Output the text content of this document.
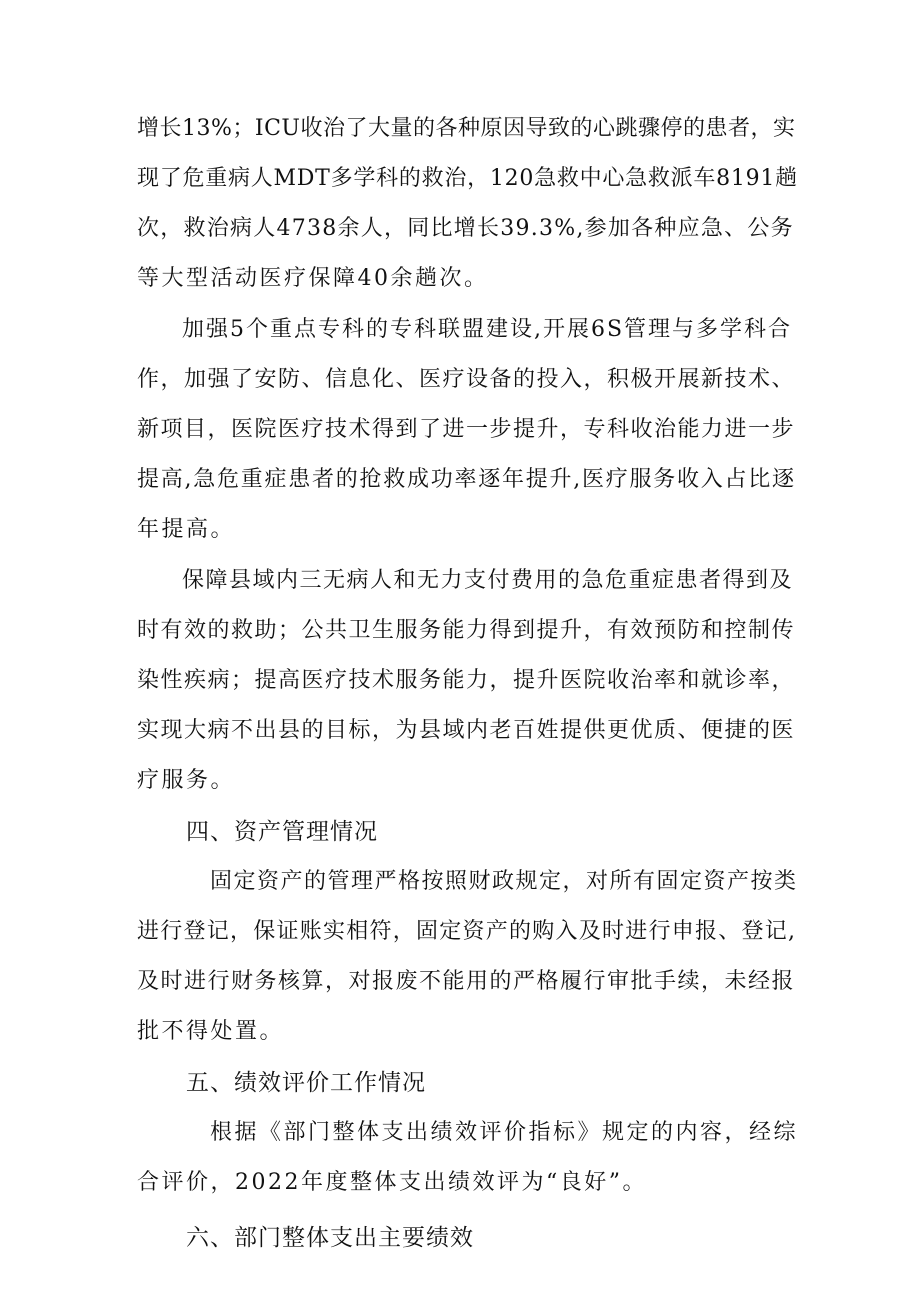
增长13%；ICU收治了大量的各种原因导致的心跳骤停的患者，实
现了危重病人MDT多学科的救治，120急救中心急救派车8191趟
次，救治病人4738余人，同比增长39.3%,参加各种应急、公务
等大型活动医疗保障40余趟次。
加强5个重点专科的专科联盟建设,开展6S管理与多学科合
作，加强了安防、信息化、医疗设备的投入，积极开展新技术、
新项目，医院医疗技术得到了进一步提升，专科收治能力进一步
提高,急危重症患者的抢救成功率逐年提升,医疗服务收入占比逐
年提高。
保障县域内三无病人和无力支付费用的急危重症患者得到及
时有效的救助；公共卫生服务能力得到提升，有效预防和控制传
染性疾病；提高医疗技术服务能力，提升医院收治率和就诊率，
实现大病不出县的目标，为县域内老百姓提供更优质、便捷的医
疗服务。
四、资产管理情况
固定资产的管理严格按照财政规定，对所有固定资产按类
进行登记，保证账实相符，固定资产的购入及时进行申报、登记,
及时进行财务核算，对报废不能用的严格履行审批手续，未经报
批不得处置。
五、绩效评价工作情况
根据《部门整体支出绩效评价指标》规定的内容，经综
合评价，2022年度整体支出绩效评为“良好”。
六、部门整体支出主要绩效
